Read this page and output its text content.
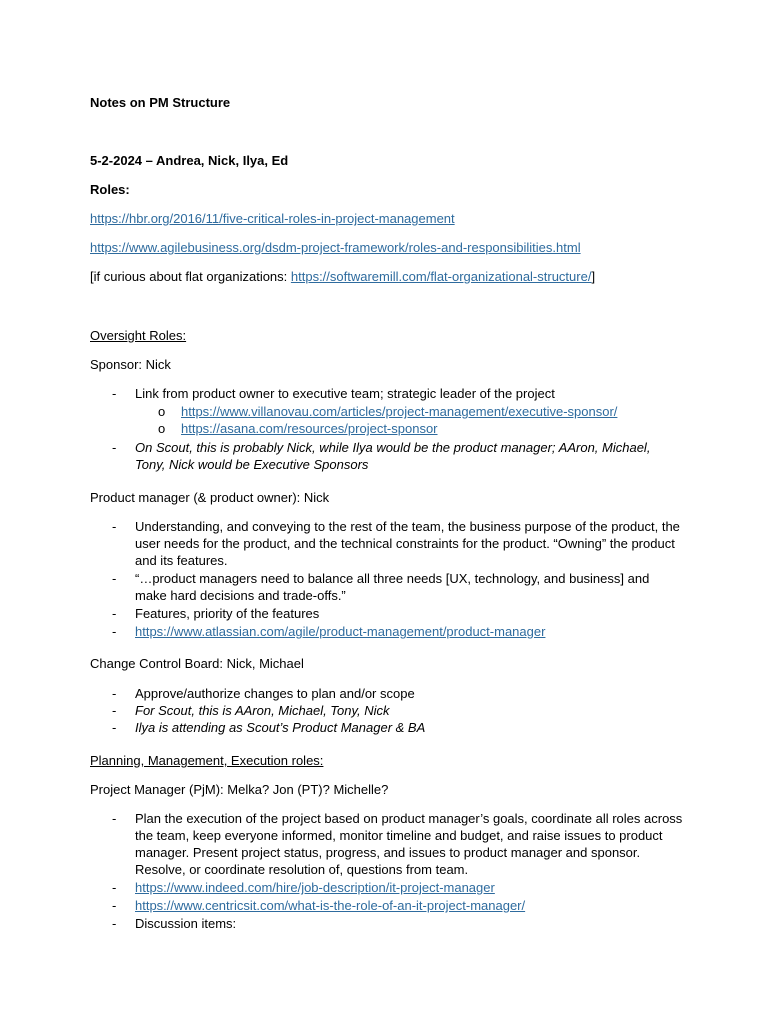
Notes on PM Structure
5-2-2024 – Andrea, Nick, Ilya, Ed
Roles:
https://hbr.org/2016/11/five-critical-roles-in-project-management
https://www.agilebusiness.org/dsdm-project-framework/roles-and-responsibilities.html
[if curious about flat organizations: https://softwaremill.com/flat-organizational-structure/]
Oversight Roles:
Sponsor: Nick
- Link from product owner to executive team; strategic leader of the project
o https://www.villanovau.com/articles/project-management/executive-sponsor/
o https://asana.com/resources/project-sponsor
- On Scout, this is probably Nick, while Ilya would be the product manager; AAron, Michael, Tony, Nick would be Executive Sponsors
Product manager (& product owner): Nick
- Understanding, and conveying to the rest of the team, the business purpose of the product, the user needs for the product, and the technical constraints for the product. “Owning” the product and its features.
- “…product managers need to balance all three needs [UX, technology, and business] and make hard decisions and trade-offs.”
- Features, priority of the features
- https://www.atlassian.com/agile/product-management/product-manager
Change Control Board: Nick, Michael
- Approve/authorize changes to plan and/or scope
- For Scout, this is AAron, Michael, Tony, Nick
- Ilya is attending as Scout’s Product Manager & BA
Planning, Management, Execution roles:
Project Manager (PjM): Melka? Jon (PT)? Michelle?
- Plan the execution of the project based on product manager’s goals, coordinate all roles across the team, keep everyone informed, monitor timeline and budget, and raise issues to product manager. Present project status, progress, and issues to product manager and sponsor. Resolve, or coordinate resolution of, questions from team.
- https://www.indeed.com/hire/job-description/it-project-manager
- https://www.centricsit.com/what-is-the-role-of-an-it-project-manager/
- Discussion items:
